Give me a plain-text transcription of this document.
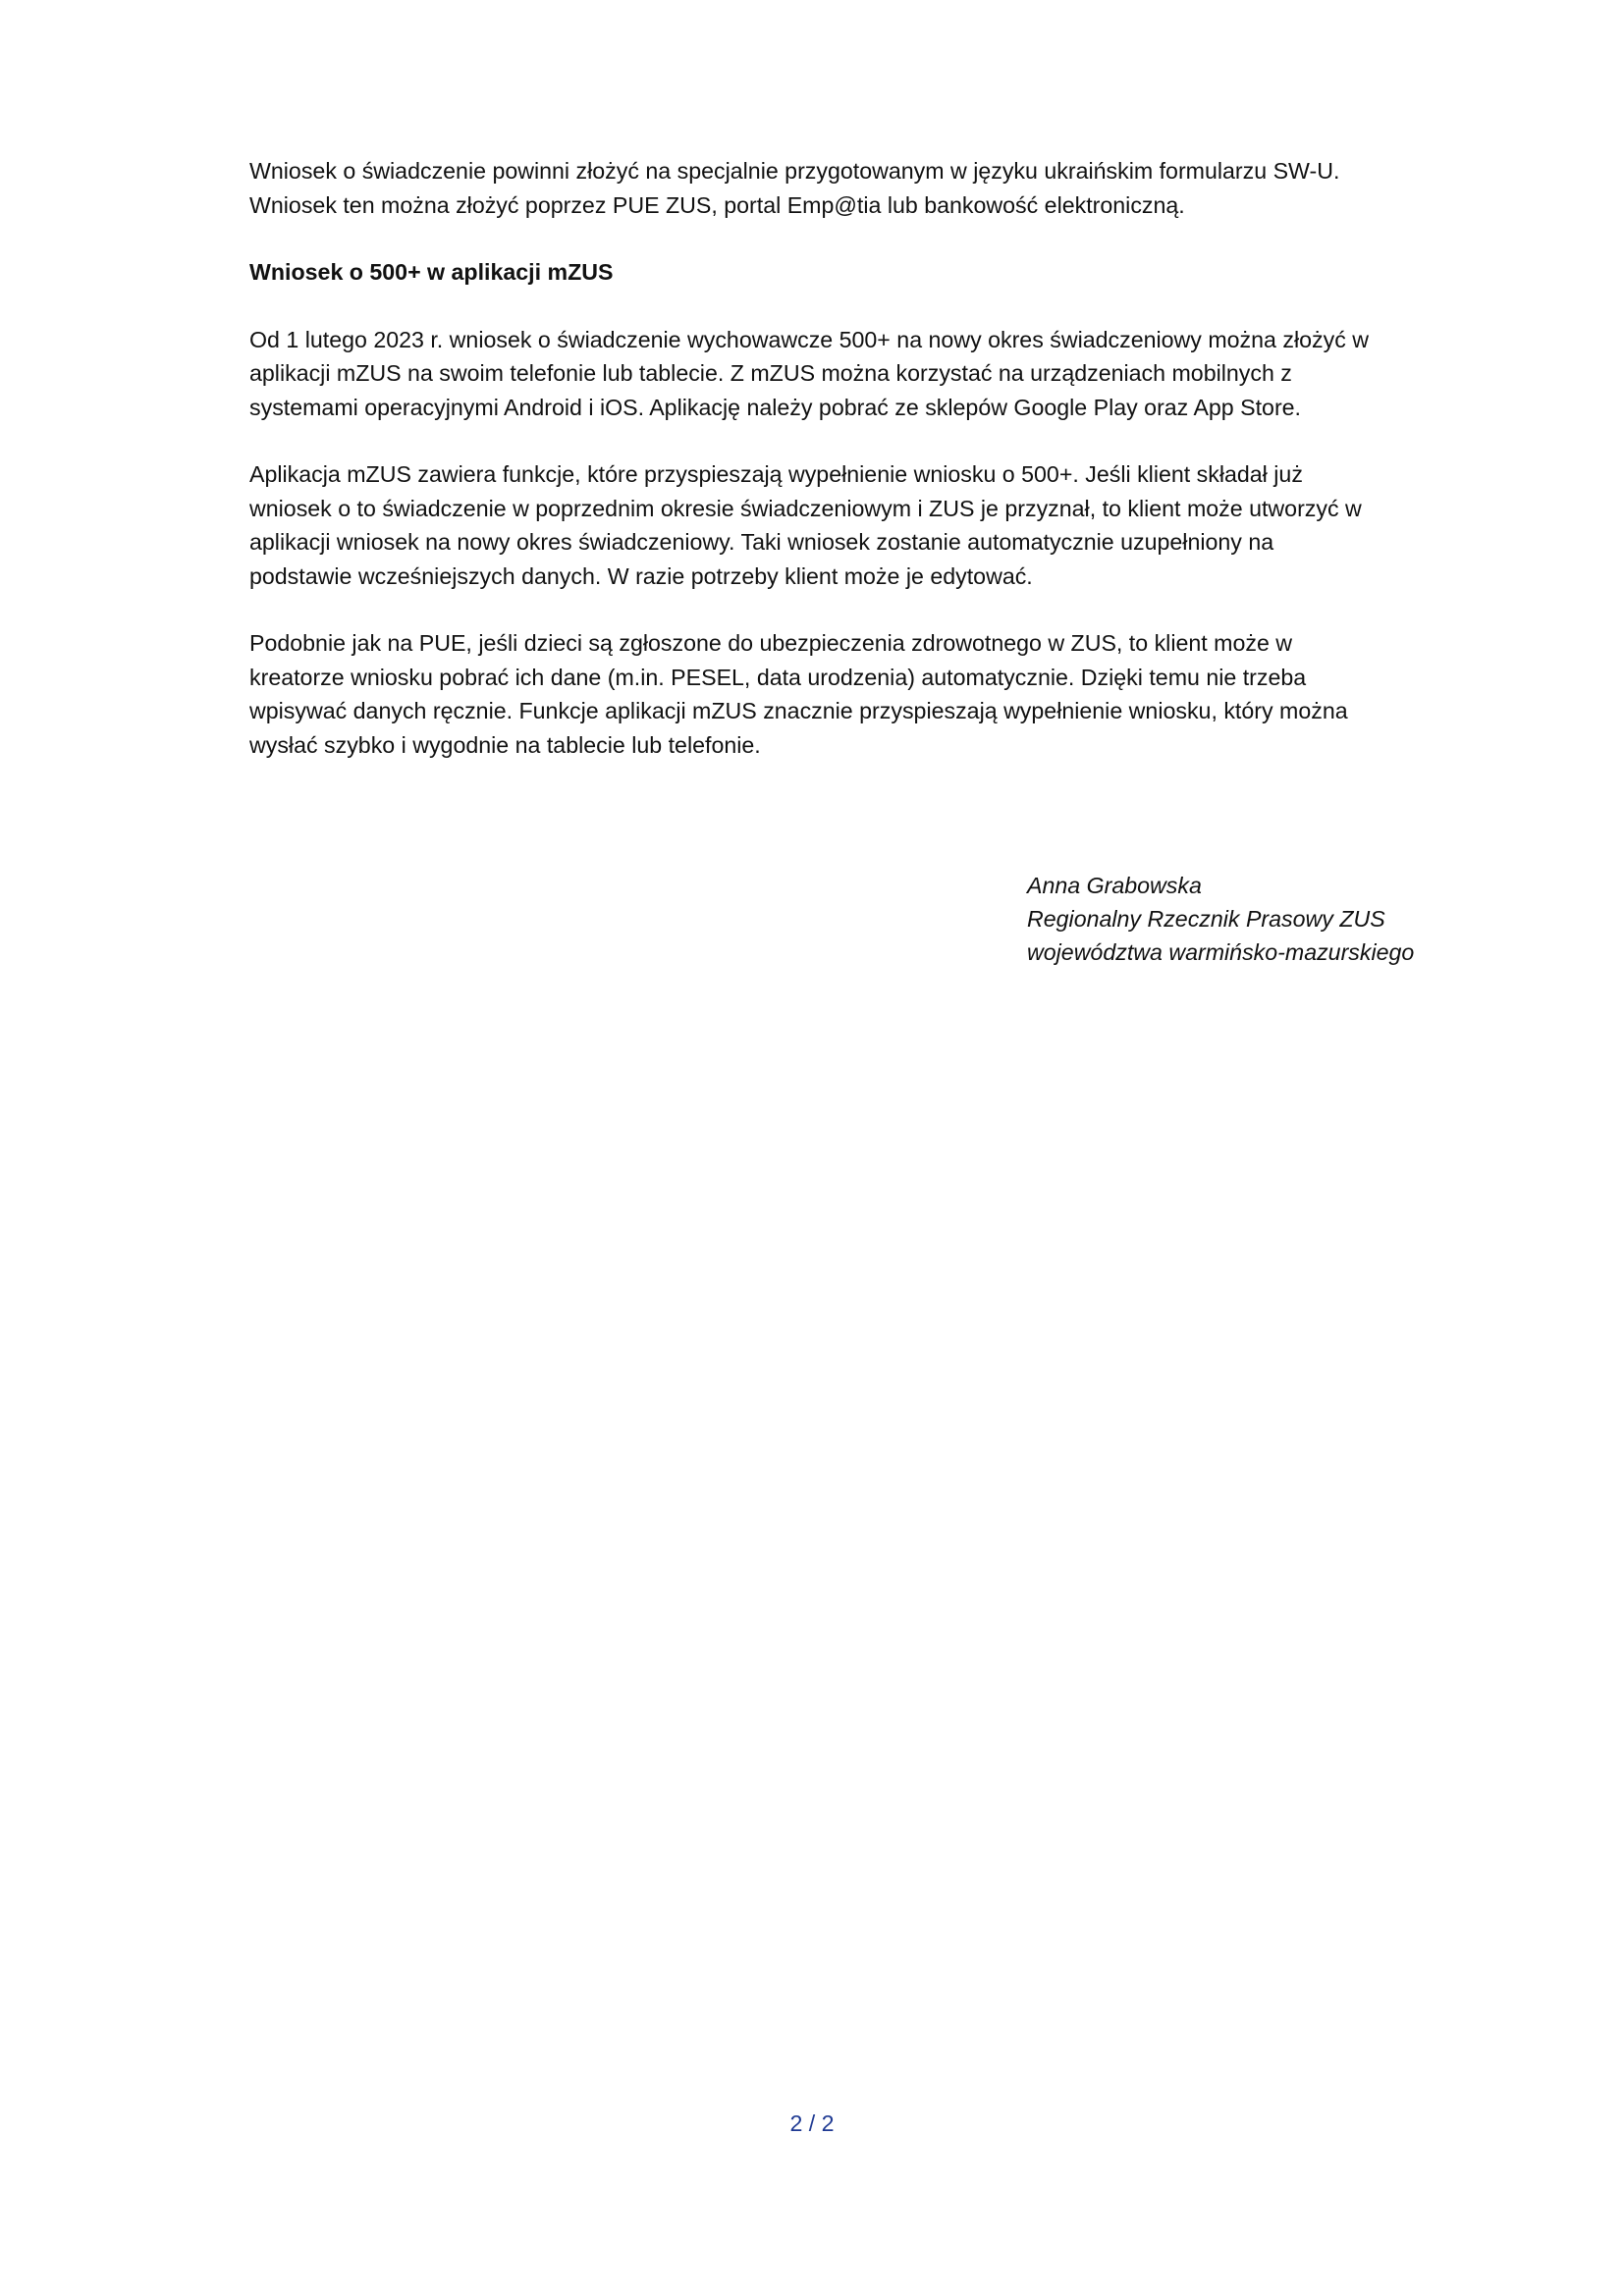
Wniosek o świadczenie powinni złożyć na specjalnie przygotowanym w języku ukraińskim formularzu SW-U.
Wniosek ten można złożyć poprzez PUE ZUS, portal Emp@tia lub bankowość elektroniczną.

Wniosek o 500+ w aplikacji mZUS

Od 1 lutego 2023 r. wniosek o świadczenie wychowawcze 500+ na nowy okres świadczeniowy można złożyć w
aplikacji mZUS na swoim telefonie lub tablecie. Z mZUS można korzystać na urządzeniach mobilnych z
systemami operacyjnymi Android i iOS. Aplikację należy pobrać ze sklepów Google Play oraz App Store.

Aplikacja mZUS zawiera funkcje, które przyspieszają wypełnienie wniosku o 500+. Jeśli klient składał już
wniosek o to świadczenie w poprzednim okresie świadczeniowym i ZUS je przyznał, to klient może utworzyć w
aplikacji wniosek na nowy okres świadczeniowy. Taki wniosek zostanie automatycznie uzupełniony na
podstawie wcześniejszych danych. W razie potrzeby klient może je edytować.

Podobnie jak na PUE, jeśli dzieci są zgłoszone do ubezpieczenia zdrowotnego w ZUS, to klient może w
kreatorze wniosku pobrać ich dane (m.in. PESEL, data urodzenia) automatycznie. Dzięki temu nie trzeba
wpisywać danych ręcznie. Funkcje aplikacji mZUS znacznie przyspieszają wypełnienie wniosku, który można
wysłać szybko i wygodnie na tablecie lub telefonie.

Anna Grabowska
Regionalny Rzecznik Prasowy ZUS
województwa warmińsko-mazurskiego
2 / 2
